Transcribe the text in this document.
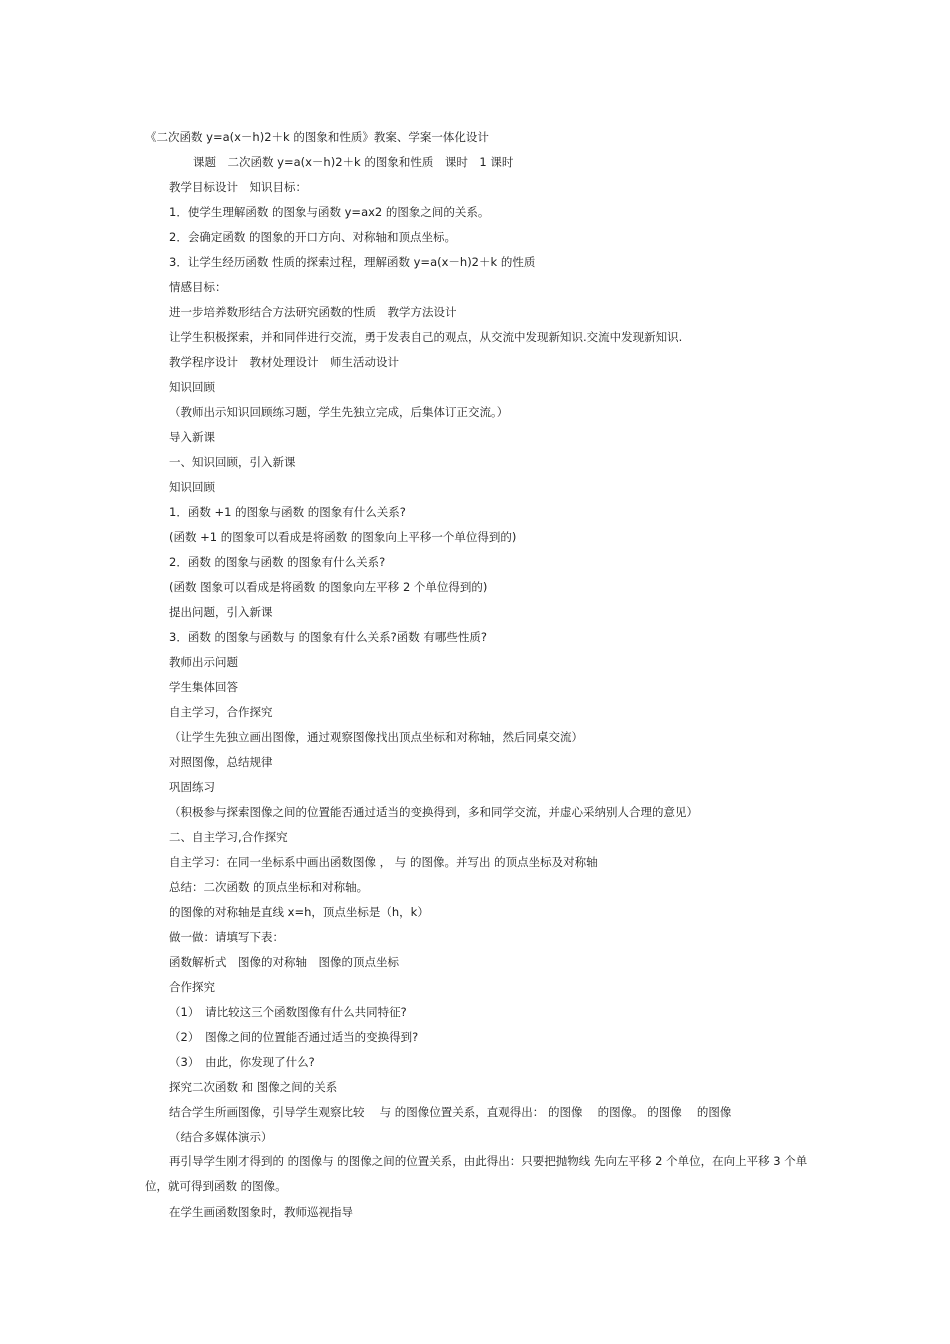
《二次函数 y=a(x－h)2＋k 的图象和性质》教案、学案一体化设计
课题　二次函数 y=a(x－h)2＋k 的图象和性质　课时　1 课时
教学目标设计　知识目标：
1．使学生理解函数 的图象与函数 y=ax2 的图象之间的关系。
2．会确定函数 的图象的开口方向、对称轴和顶点坐标。
3．让学生经历函数 性质的探索过程，理解函数 y=a(x－h)2＋k 的性质
情感目标：
进一步培养数形结合方法研究函数的性质　教学方法设计
让学生积极探索，并和同伴进行交流，勇于发表自己的观点，从交流中发现新知识.交流中发现新知识.
教学程序设计　教材处理设计　师生活动设计
知识回顾
（教师出示知识回顾练习题，学生先独立完成，后集体订正交流。）
导入新课
一、知识回顾，引入新课
知识回顾
1．函数 +1 的图象与函数 的图象有什么关系?
(函数 +1 的图象可以看成是将函数 的图象向上平移一个单位得到的)
2．函数 的图象与函数 的图象有什么关系?
(函数 图象可以看成是将函数 的图象向左平移 2 个单位得到的)
提出问题，引入新课
3．函数 的图象与函数与 的图象有什么关系?函数 有哪些性质?
教师出示问题
学生集体回答
自主学习，合作探究
（让学生先独立画出图像，通过观察图像找出顶点坐标和对称轴，然后同桌交流）
对照图像，总结规律
巩固练习
（积极参与探索图像之间的位置能否通过适当的变换得到，多和同学交流，并虚心采纳别人合理的意见）
二、自主学习,合作探究
自主学习：在同一坐标系中画出函数图像 ， 与 的图像。并写出 的顶点坐标及对称轴
总结：二次函数 的顶点坐标和对称轴。
的图像的对称轴是直线 x=h，顶点坐标是（h，k）
做一做：请填写下表：
函数解析式　图像的对称轴　图像的顶点坐标
合作探究
（1）　请比较这三个函数图像有什么共同特征?
（2）　图像之间的位置能否通过适当的变换得到?
（3）　由此，你发现了什么?
探究二次函数 和 图像之间的关系
结合学生所画图像，引导学生观察比较　 与 的图像位置关系，直观得出： 的图像　 的图像。 的图像　 的图像
（结合多媒体演示）
再引导学生刚才得到的 的图像与 的图像之间的位置关系，由此得出：只要把抛物线 先向左平移 2 个单位，在向上平移 3 个单位，就可得到函数 的图像。
在学生画函数图象时，教师巡视指导
